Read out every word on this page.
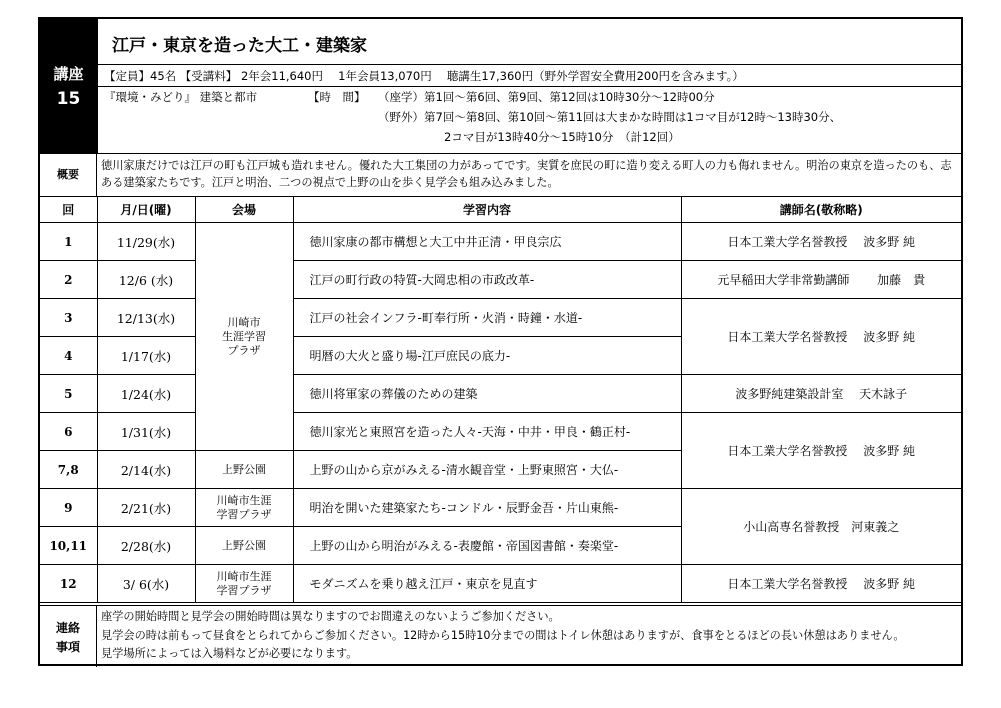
講座
15
江戸・東京を造った大工・建築家
【定員】45名 【受講料】 2年会11,640円　 1年会員13,070円　 聴講生17,360円（野外学習安全費用200円を含みます。）
『環境・みどり』 建築と都市	【時　間】 （座学）第1回～第6回、第9回、第12回は10時30分～12時00分
（野外）第7回～第8回、第10回～第11回は大まかな時間は1コマ目が12時～13時30分、
2コマ目が13時40分～15時10分　（計12回）
概要
徳川家康だけでは江戸の町も江戸城も造れません。優れた大工集団の力があってです。実質を庶民の町に造り変える町人の力も侮れません。明治の東京を造ったのも、志ある建築家たちです。江戸と明治、二つの視点で上野の山を歩く見学会も組み込みました。
回	月/日(曜)	会場	学習内容	講師名(敬称略)
1	11/29(水)	川崎市
生涯学習
プラザ	徳川家康の都市構想と大工中井正清・甲良宗広	日本工業大学名誉教授　 波多野 純
2	12/6 (水)		江戸の町行政の特質-大岡忠相の市政改革-	元早稲田大学非常勤講師　　 加藤　貴
3	12/13(水)		江戸の社会インフラ-町奉行所・火消・時鐘・水道-	日本工業大学名誉教授　 波多野 純
4	1/17(水)		明暦の大火と盛り場-江戸庶民の底力-	
5	1/24(水)		徳川将軍家の葬儀のための建築	波多野純建築設計室　 天木詠子
6	1/31(水)		徳川家光と東照宮を造った人々-天海・中井・甲良・鶴正村-	日本工業大学名誉教授　 波多野 純
7,8	2/14(水)	上野公園	上野の山から京がみえる-清水観音堂・上野東照宮・大仏-	
9	2/21(水)	川崎市生涯
学習プラザ	明治を開いた建築家たち-コンドル・辰野金吾・片山東熊-	小山高専名誉教授　河東義之
10,11	2/28(水)	上野公園	上野の山から明治がみえる-表慶館・帝国図書館・奏楽堂-	
12	3/ 6(水)	川崎市生涯
学習プラザ	モダニズムを乗り越え江戸・東京を見直す	日本工業大学名誉教授　 波多野 純
連絡
事項
座学の開始時間と見学会の開始時間は異なりますのでお間違えのないようご参加ください。
見学会の時は前もって昼食をとられてからご参加ください。12時から15時10分までの間はトイレ休憩はありますが、食事をとるほどの長い休憩はありません。
見学場所によっては入場料などが必要になります。
